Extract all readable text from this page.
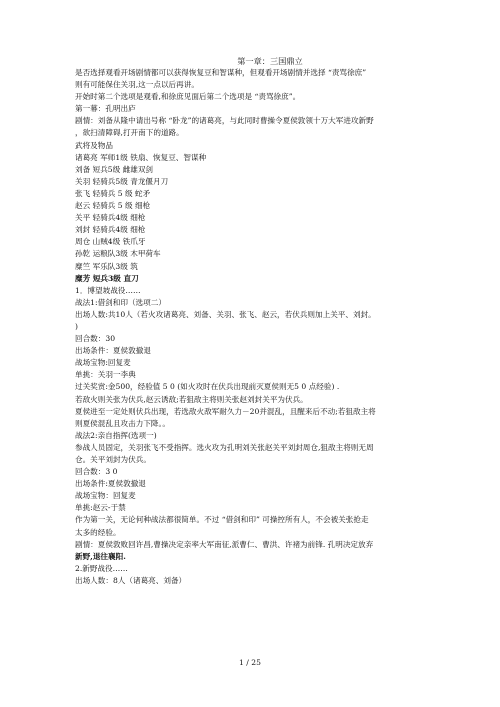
第一章：三国鼎立
是否选择观看开场剧情都可以获得恢复豆和智谋种，但观看开场剧情并选择 “责骂徐庶”
则有可能保住关羽,这一点以后再讲。
开始时第二个选项是观看,和徐庶见面后第二个选项是 “责骂徐庶”。
第一幕：孔明出庐
剧情：刘备从隆中请出号称 “卧龙”的诸葛亮，与此同时曹操令夏侯敦领十万大军进攻新野
，欲扫清障碍,打开南下的道路。
武将及物品
诸葛亮 军师1级 铁扇、恢复豆、智谋种
刘备 短兵5级 雌雄双剑
关羽 轻骑兵5级 青龙偃月刀
张飞 轻骑兵 5 级 蛇矛
赵云 轻骑兵 5 级 细枪
关平 轻骑兵4级 细枪
刘封 轻骑兵4级 细枪
周仓 山贼4级 铁爪牙
孙乾 运粮队3级 木甲荷车
糜竺 军乐队3级 筑
糜芳 短兵3级 直刀
1．博望坡战役……
战法1:借剑和印（选项二）
出场人数:共10人（若火攻诸葛亮、刘备、关羽、张飞、赵云，若伏兵则加上关平、刘封。
)
回合数：30
出场条件：夏侯敦撤退
战场宝物:回复麦
单挑：关羽一李典
过关奖赏:金500，经验值 5 0 (如火攻时在伏兵出现前灭夏侯则无5 0 点经验) .
若敌火则关张为伏兵,赵云诱敌;若狙敌主将则关张赵刘封关平为伏兵。
夏侯进至一定处则伏兵出现，若选敌火敌军耐久力－20并混乱，且醒来后不动;若狙敌主将
则夏侯混乱且攻击力下降。。
战法2:亲自指挥(选项一)
参战人员固定，关羽张飞不受指挥。选火攻为孔明刘关张赵关平刘封周仓,狙敌主将则无周
仓。关平刘封为伏兵。
回合数：3 0
出场条件:夏侯敦撤退
战场宝物：回复麦
单挑:赵云-于禁
作为第一关，无论何种战法都很简单。不过 “借剑和印” 可操控所有人，不会被关张抢走
太多的经验。
剧情：夏侯敦败回许昌,曹操决定亲率大军南征,派曹仁、曹洪、许褚为前锋. 孔明决定放弃
新野,退往襄阳.
2.新野战役……
出场人数：8人（诸葛亮、刘备）
1 / 25
